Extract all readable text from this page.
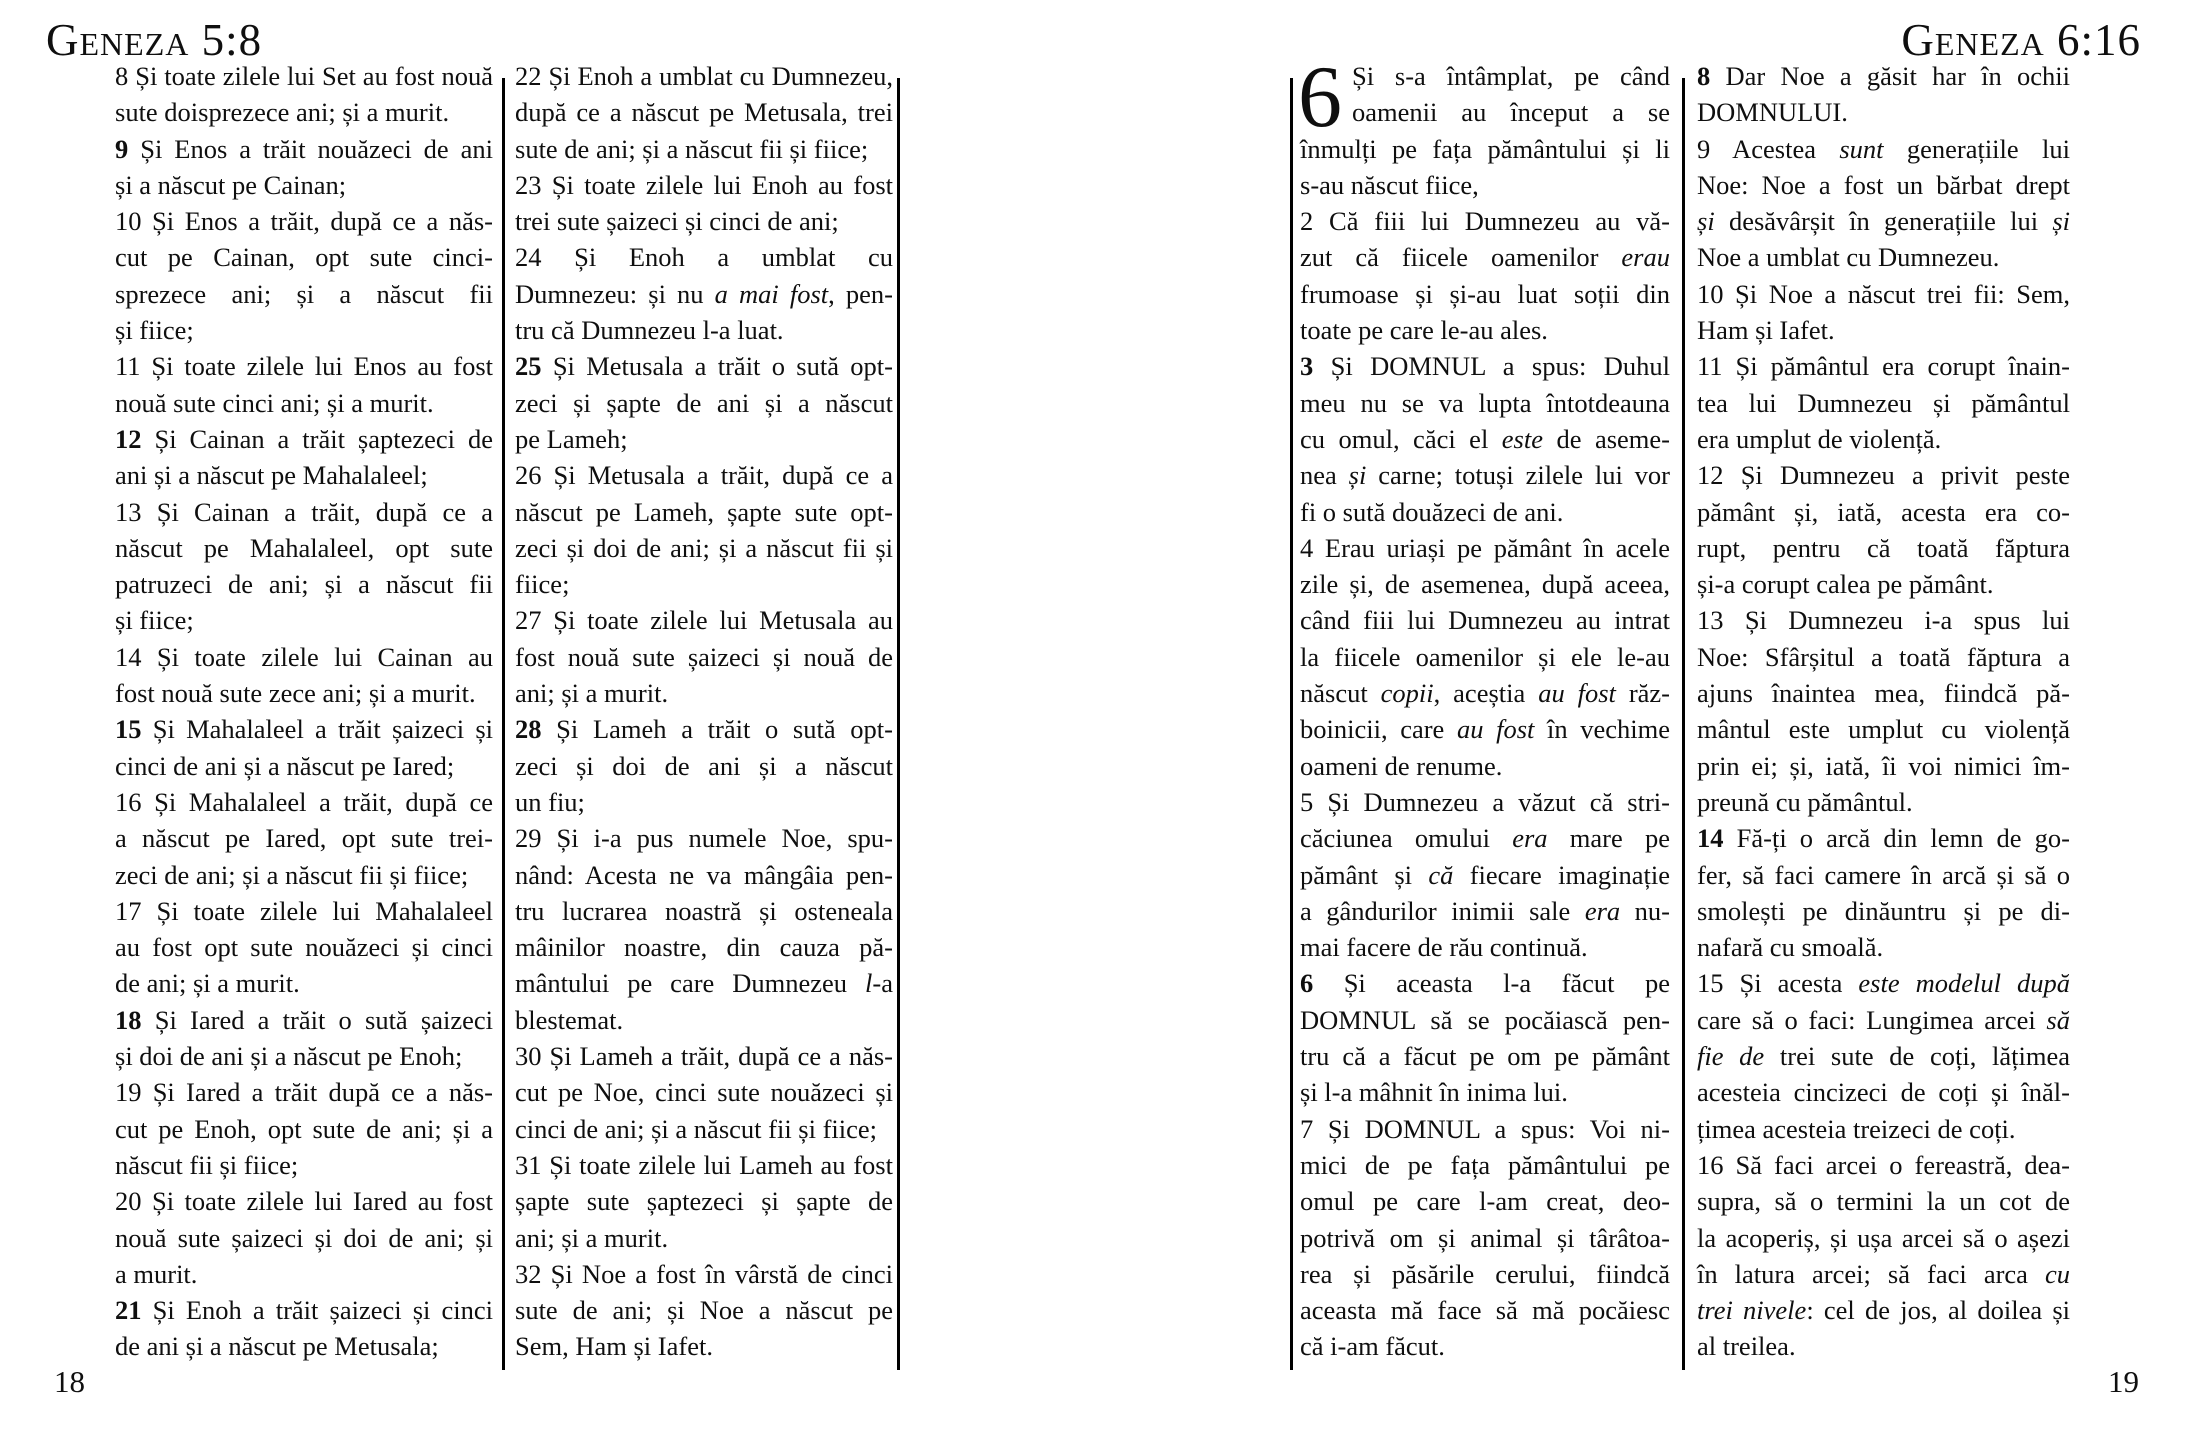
Geneza 5:8	Geneza 6:16
8 Și toate zilele lui Set au fost nouă
sute doisprezece ani; și a murit.
9 Și Enos a trăit nouăzeci de ani
și a născut pe Cainan;
10 Și Enos a trăit, după ce a năs-
cut pe Cainan, opt sute cinci-
sprezece ani; și a născut fii
și fiice;
11 Și toate zilele lui Enos au fost
nouă sute cinci ani; și a murit.
12 Și Cainan a trăit șaptezeci de
ani și a născut pe Mahalaleel;
13 Și Cainan a trăit, după ce a
născut pe Mahalaleel, opt sute
patruzeci de ani; și a născut fii
și fiice;
14 Și toate zilele lui Cainan au
fost nouă sute zece ani; și a murit.
15 Și Mahalaleel a trăit șaizeci și
cinci de ani și a născut pe Iared;
16 Și Mahalaleel a trăit, după ce
a născut pe Iared, opt sute trei-
zeci de ani; și a născut fii și fiice;
17 Și toate zilele lui Mahalaleel
au fost opt sute nouăzeci și cinci
de ani; și a murit.
18 Și Iared a trăit o sută șaizeci
și doi de ani și a născut pe Enoh;
19 Și Iared a trăit după ce a năs-
cut pe Enoh, opt sute de ani; și a
născut fii și fiice;
20 Și toate zilele lui Iared au fost
nouă sute șaizeci și doi de ani; și
a murit.
21 Și Enoh a trăit șaizeci și cinci
de ani și a născut pe Metusala;
22 Și Enoh a umblat cu Dumnezeu,
după ce a născut pe Metusala, trei
sute de ani; și a născut fii și fiice;
23 Și toate zilele lui Enoh au fost
trei sute șaizeci și cinci de ani;
24 Și Enoh a umblat cu
Dumnezeu: și nu a mai fost, pen-
tru că Dumnezeu l-a luat.
25 Și Metusala a trăit o sută opt-
zeci și șapte de ani și a născut
pe Lameh;
26 Și Metusala a trăit, după ce a
născut pe Lameh, șapte sute opt-
zeci și doi de ani; și a născut fii și
fiice;
27 Și toate zilele lui Metusala au
fost nouă sute șaizeci și nouă de
ani; și a murit.
28 Și Lameh a trăit o sută opt-
zeci și doi de ani și a născut
un fiu;
29 Și i-a pus numele Noe, spu-
nând: Acesta ne va mângâia pen-
tru lucrarea noastră și osteneala
mâinilor noastre, din cauza pă-
mântului pe care Dumnezeu l-a
blestemat.
30 Și Lameh a trăit, după ce a năs-
cut pe Noe, cinci sute nouăzeci și
cinci de ani; și a născut fii și fiice;
31 Și toate zilele lui Lameh au fost
șapte sute șaptezeci și șapte de
ani; și a murit.
32 Și Noe a fost în vârstă de cinci
sute de ani; și Noe a născut pe
Sem, Ham și Iafet.
6 Și s-a întâmplat, pe când
oamenii au început a se
înmulți pe fața pământului și li
s-au născut fiice,
2 Că fiii lui Dumnezeu au vă-
zut că fiicele oamenilor erau
frumoase și și-au luat soții din
toate pe care le-au ales.
3 Și DOMNUL a spus: Duhul
meu nu se va lupta întotdeauna
cu omul, căci el este de aseme-
nea și carne; totuși zilele lui vor
fi o sută douăzeci de ani.
4 Erau uriași pe pământ în acele
zile și, de asemenea, după aceea,
când fiii lui Dumnezeu au intrat
la fiicele oamenilor și ele le-au
născut copii, aceștia au fost răz-
boinicii, care au fost în vechime
oameni de renume.
5 Și Dumnezeu a văzut că stri-
căciunea omului era mare pe
pământ și că fiecare imaginație
a gândurilor inimii sale era nu-
mai facere de rău continuă.
6 Și aceasta l-a făcut pe
DOMNUL să se pocăiască pen-
tru că a făcut pe om pe pământ
și l-a mâhnit în inima lui.
7 Și DOMNUL a spus: Voi ni-
mici de pe fața pământului pe
omul pe care l-am creat, deo-
potrivă om și animal și târâtoa-
rea și păsările cerului, fiindcă
aceasta mă face să mă pocăiesc
că i-am făcut.
8 Dar Noe a găsit har în ochii
DOMNULUI.
9 Acestea sunt generațiile lui
Noe: Noe a fost un bărbat drept
și desăvârșit în generațiile lui și
Noe a umblat cu Dumnezeu.
10 Și Noe a născut trei fii: Sem,
Ham și Iafet.
11 Și pământul era corupt înain-
tea lui Dumnezeu și pământul
era umplut de violență.
12 Și Dumnezeu a privit peste
pământ și, iată, acesta era co-
rupt, pentru că toată făptura
și-a corupt calea pe pământ.
13 Și Dumnezeu i-a spus lui
Noe: Sfârșitul a toată făptura a
ajuns înaintea mea, fiindcă pă-
mântul este umplut cu violență
prin ei; și, iată, îi voi nimici îm-
preună cu pământul.
14 Fă-ți o arcă din lemn de go-
fer, să faci camere în arcă și să o
smolești pe dinăuntru și pe di-
nafară cu smoală.
15 Și acesta este modelul după
care să o faci: Lungimea arcei să
fie de trei sute de coți, lățimea
acesteia cincizeci de coți și înăl-
țimea acesteia treizeci de coți.
16 Să faci arcei o fereastră, dea-
supra, să o termini la un cot de
la acoperiș, și ușa arcei să o așezi
în latura arcei; să faci arca cu
trei nivele: cel de jos, al doilea și
al treilea.
18	19
